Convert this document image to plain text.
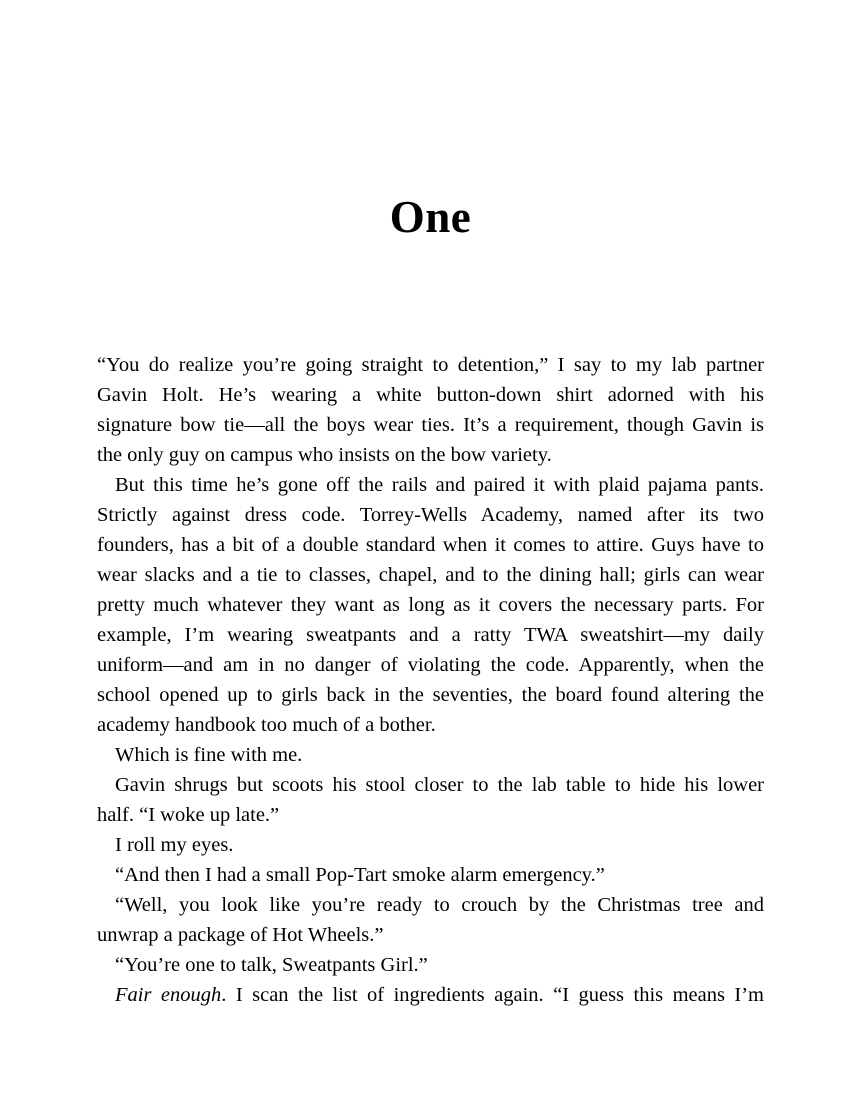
One
“You do realize you’re going straight to detention,” I say to my lab partner
Gavin Holt. He’s wearing a white button-down shirt adorned with his
signature bow tie—all the boys wear ties. It’s a requirement, though Gavin is
the only guy on campus who insists on the bow variety.
But this time he’s gone off the rails and paired it with plaid pajama pants.
Strictly against dress code. Torrey-Wells Academy, named after its two
founders, has a bit of a double standard when it comes to attire. Guys have to
wear slacks and a tie to classes, chapel, and to the dining hall; girls can wear
pretty much whatever they want as long as it covers the necessary parts. For
example, I’m wearing sweatpants and a ratty TWA sweatshirt—my daily
uniform—and am in no danger of violating the code. Apparently, when the
school opened up to girls back in the seventies, the board found altering the
academy handbook too much of a bother.
Which is fine with me.
Gavin shrugs but scoots his stool closer to the lab table to hide his lower
half. “I woke up late.”
I roll my eyes.
“And then I had a small Pop-Tart smoke alarm emergency.”
“Well, you look like you’re ready to crouch by the Christmas tree and
unwrap a package of Hot Wheels.”
“You’re one to talk, Sweatpants Girl.”
Fair enough. I scan the list of ingredients again. “I guess this means I’m
